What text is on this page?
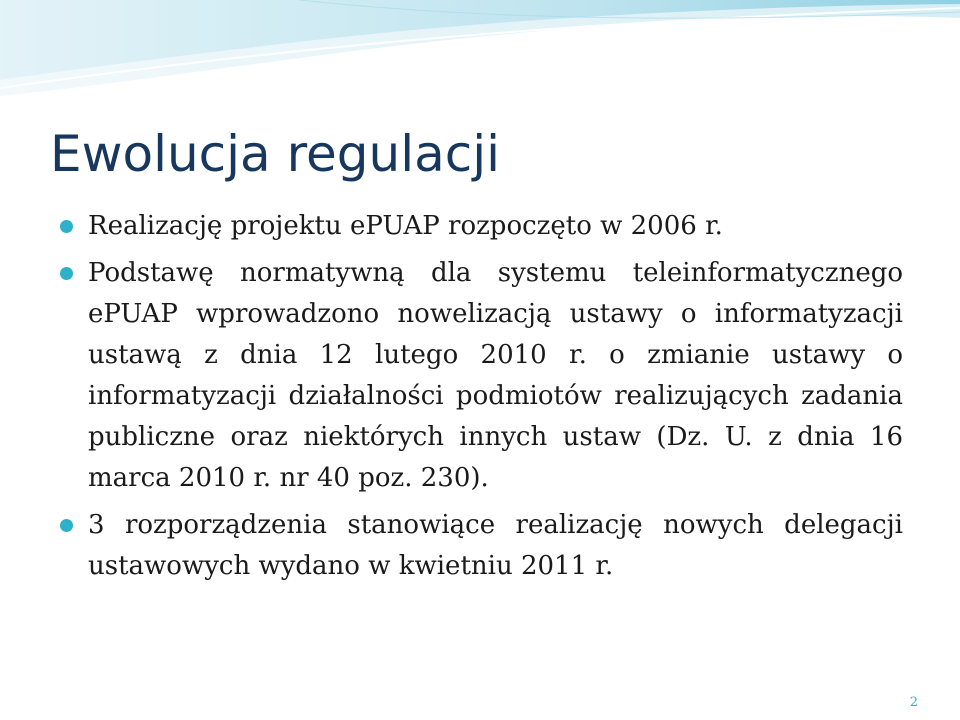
Ewolucja regulacji
Realizację projektu ePUAP rozpoczęto w 2006 r.
Podstawę normatywną dla systemu teleinformatycznego ePUAP wprowadzono nowelizacją ustawy o informatyzacji ustawą z dnia 12 lutego 2010 r. o zmianie ustawy o informatyzacji działalności podmiotów realizujących zadania publiczne oraz niektórych innych ustaw (Dz. U. z dnia 16 marca 2010 r. nr 40 poz. 230).
3 rozporządzenia stanowiące realizację nowych delegacji ustawowych wydano w kwietniu 2011 r.
2
